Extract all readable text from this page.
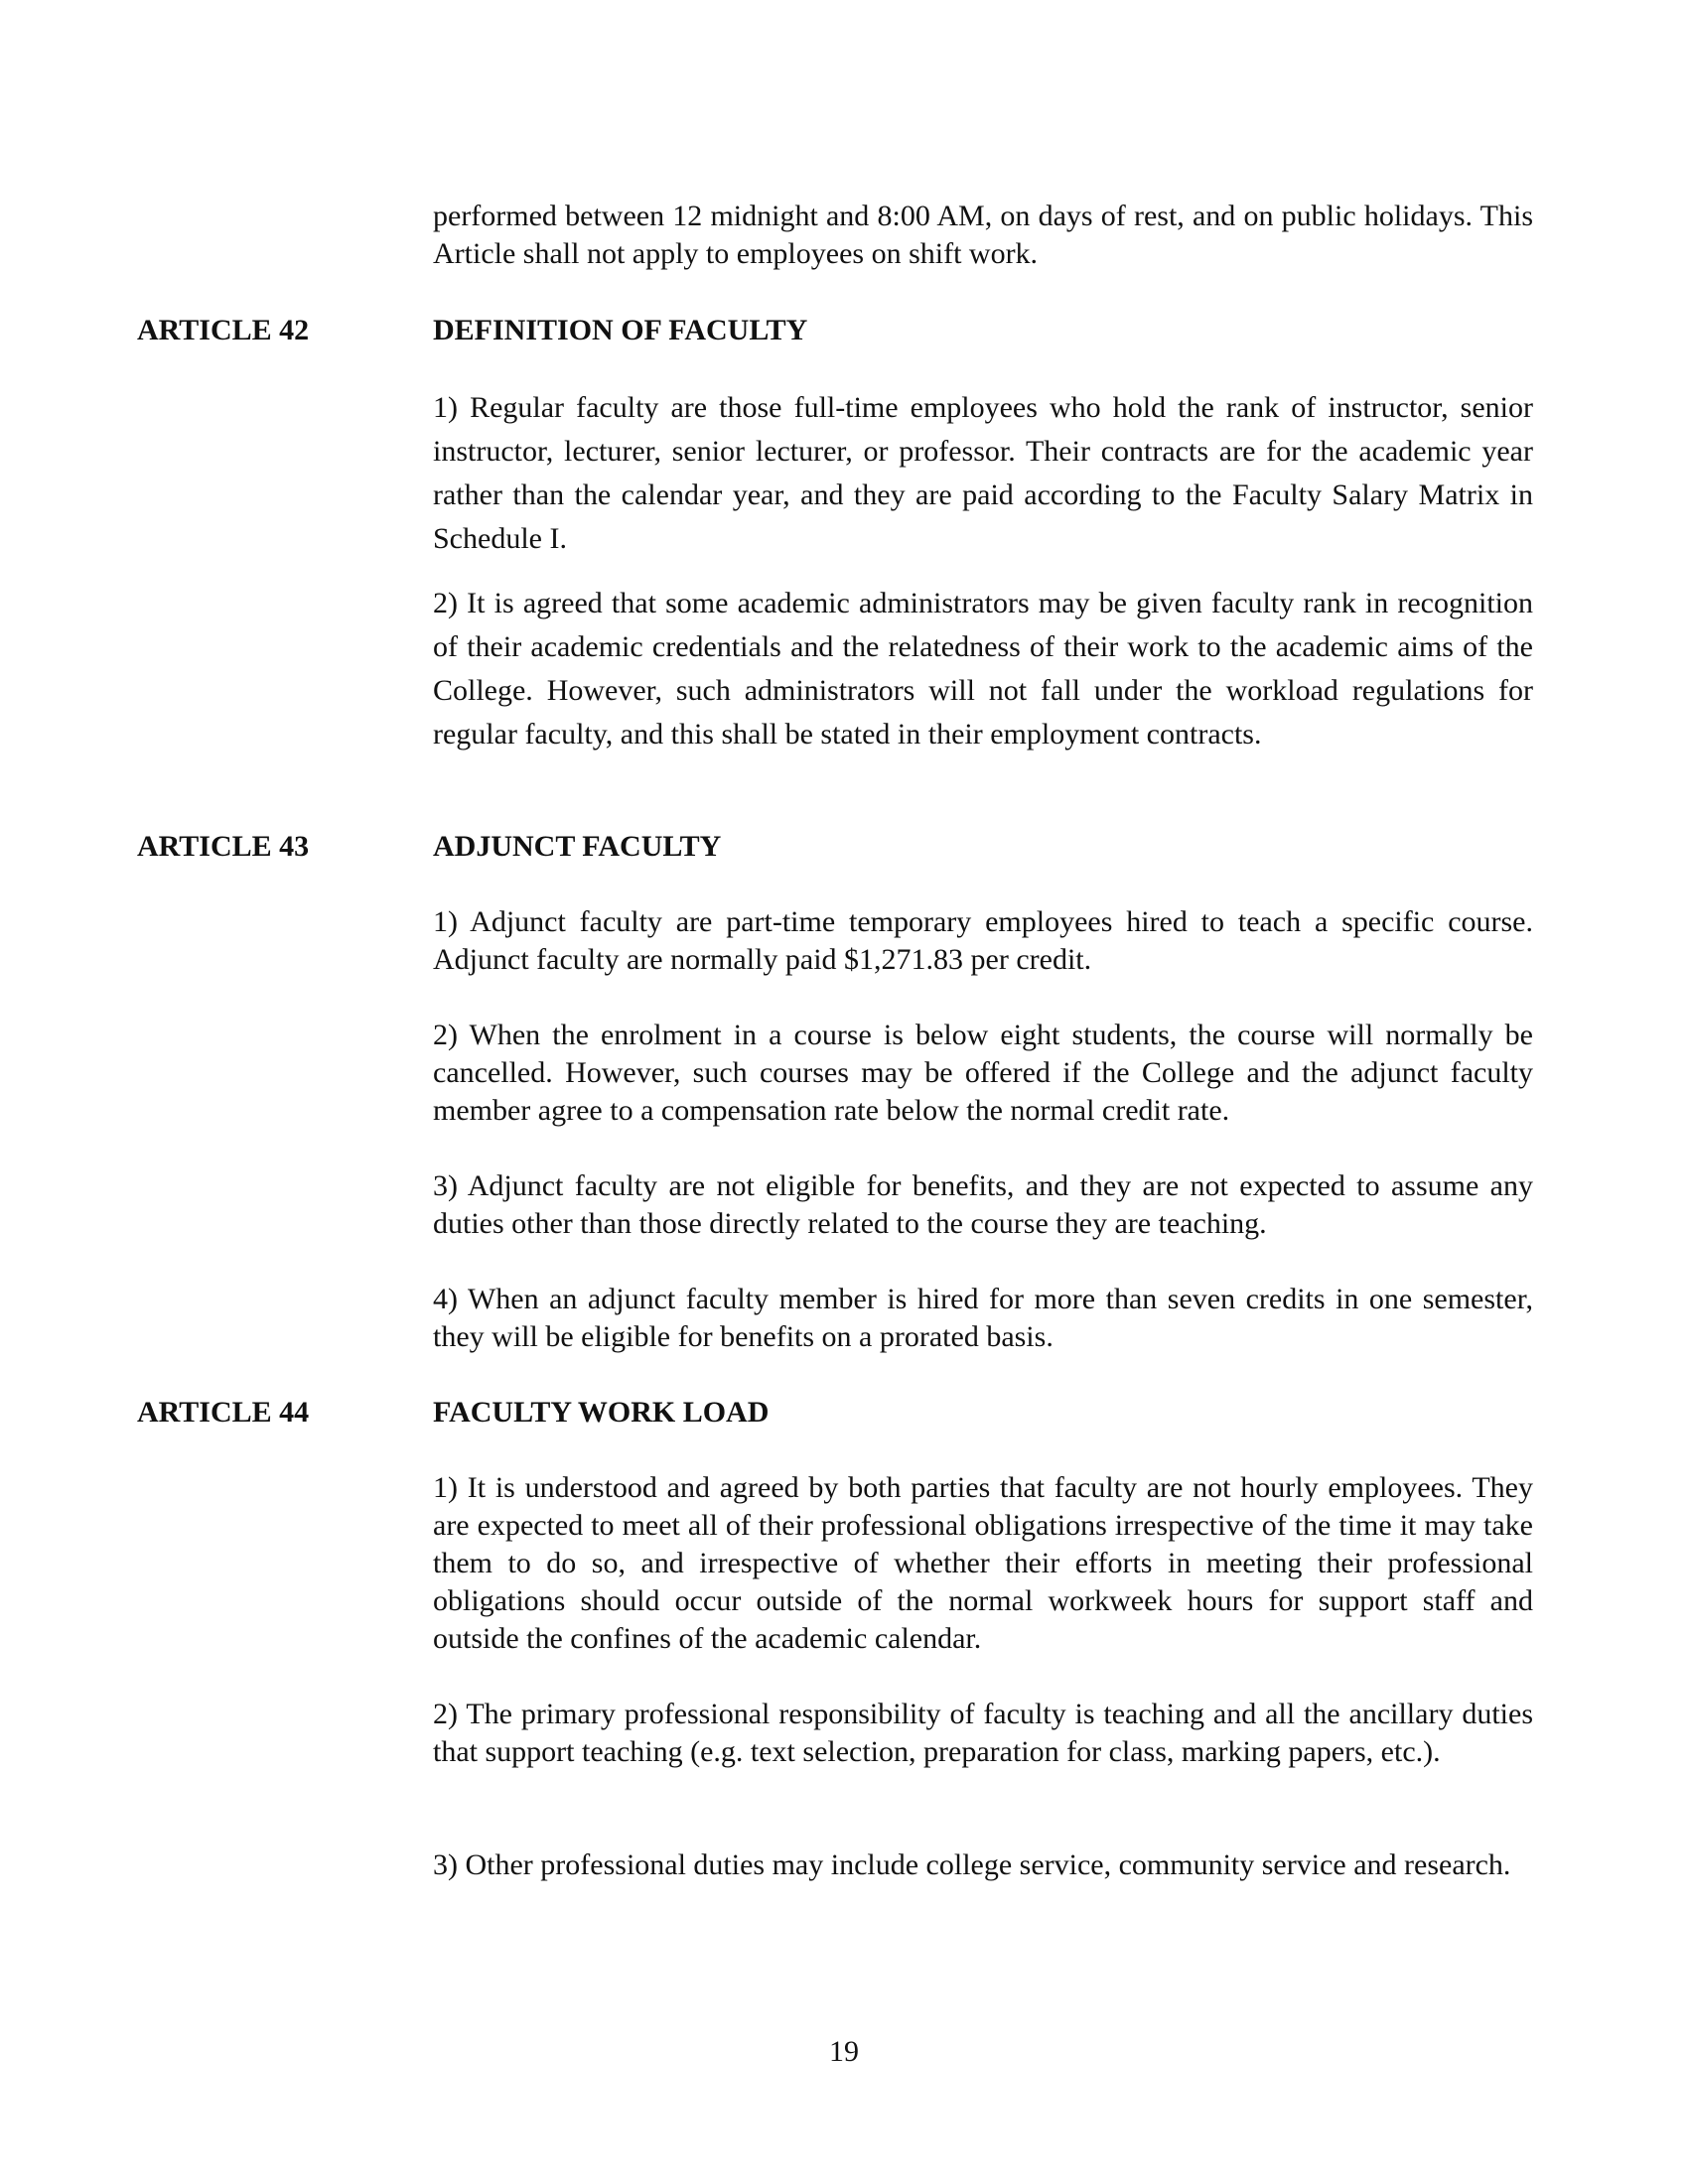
performed between 12 midnight and 8:00 AM, on days of rest, and on public holidays. This Article shall not apply to employees on shift work.

ARTICLE 42	DEFINITION OF FACULTY

1) Regular faculty are those full-time employees who hold the rank of instructor, senior instructor, lecturer, senior lecturer, or professor. Their contracts are for the academic year rather than the calendar year, and they are paid according to the Faculty Salary Matrix in Schedule I.

2) It is agreed that some academic administrators may be given faculty rank in recognition of their academic credentials and the relatedness of their work to the academic aims of the College. However, such administrators will not fall under the workload regulations for regular faculty, and this shall be stated in their employment contracts.

ARTICLE 43	ADJUNCT FACULTY

1) Adjunct faculty are part-time temporary employees hired to teach a specific course. Adjunct faculty are normally paid $1,271.83 per credit.

2) When the enrolment in a course is below eight students, the course will normally be cancelled. However, such courses may be offered if the College and the adjunct faculty member agree to a compensation rate below the normal credit rate.

3) Adjunct faculty are not eligible for benefits, and they are not expected to assume any duties other than those directly related to the course they are teaching.

4) When an adjunct faculty member is hired for more than seven credits in one semester, they will be eligible for benefits on a prorated basis.

ARTICLE 44	FACULTY WORK LOAD

1) It is understood and agreed by both parties that faculty are not hourly employees. They are expected to meet all of their professional obligations irrespective of the time it may take them to do so, and irrespective of whether their efforts in meeting their professional obligations should occur outside of the normal workweek hours for support staff and outside the confines of the academic calendar.

2) The primary professional responsibility of faculty is teaching and all the ancillary duties that support teaching (e.g. text selection, preparation for class, marking papers, etc.).

3) Other professional duties may include college service, community service and research.

19
